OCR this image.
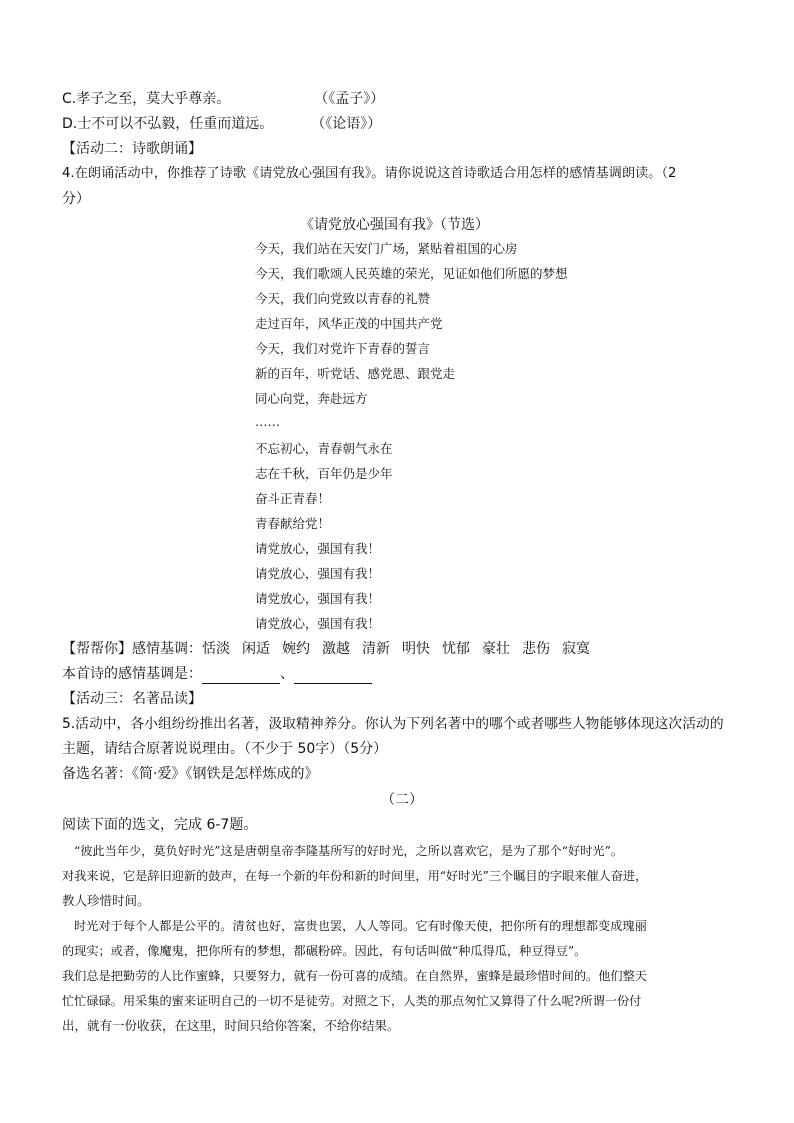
C.孝子之至，莫大乎尊亲。	（《孟子》）
D.士不可以不弘毅，任重而道远。	（《论语》）
【活动二：诗歌朗诵】
4.在朗诵活动中，你推荐了诗歌《请党放心强国有我》。请你说说这首诗歌适合用怎样的感情基调朗读。（2
分）
《请党放心强国有我》（节选）
今天，我们站在天安门广场，紧贴着祖国的心房
今天，我们歌颂人民英雄的荣光，见证如他们所愿的梦想
今天，我们向党致以青春的礼赞
走过百年，风华正茂的中国共产党
今天，我们对党许下青春的誓言
新的百年，听党话、感党恩、跟党走
同心向党，奔赴远方
……
不忘初心，青春朝气永在
志在千秋，百年仍是少年
奋斗正青春！
青春献给党！
请党放心，强国有我！
请党放心，强国有我！
请党放心，强国有我！
请党放心，强国有我！
【帮帮你】感情基调：恬淡 闲适 婉约 激越 清新 明快 忧郁 豪壮 悲伤 寂寞
本首诗的感情基调是：	、
【活动三：名著品读】
5.活动中，各小组纷纷推出名著，汲取精神养分。你认为下列名著中的哪个或者哪些人物能够体现这次活动的
主题，请结合原著说说理由。（不少于 50字）（5分）
备选名著：《简·爱》《钢铁是怎样炼成的》
（二）
阅读下面的选文，完成 6-7题。
“彼此当年少，莫负好时光”这是唐朝皇帝李隆基所写的好时光，之所以喜欢它，是为了那个“好时光”。
对我来说，它是辞旧迎新的鼓声，在每一个新的年份和新的时间里，用“好时光”三个瞩目的字眼来催人奋进，
教人珍惜时间。
时光对于每个人都是公平的。清贫也好，富贵也罢，人人等同。它有时像天使，把你所有的理想都变成瑰丽
的现实；或者，像魔鬼，把你所有的梦想，都碾粉碎。因此，有句话叫做“种瓜得瓜，种豆得豆”。
我们总是把勤劳的人比作蜜蜂，只要努力，就有一份可喜的成绩。在自然界，蜜蜂是最珍惜时间的。他们整天
忙忙碌碌。用采集的蜜来证明自己的一切不是徒劳。对照之下，人类的那点匆忙又算得了什么呢?所谓一份付
出，就有一份收获，在这里，时间只给你答案，不给你结果。
